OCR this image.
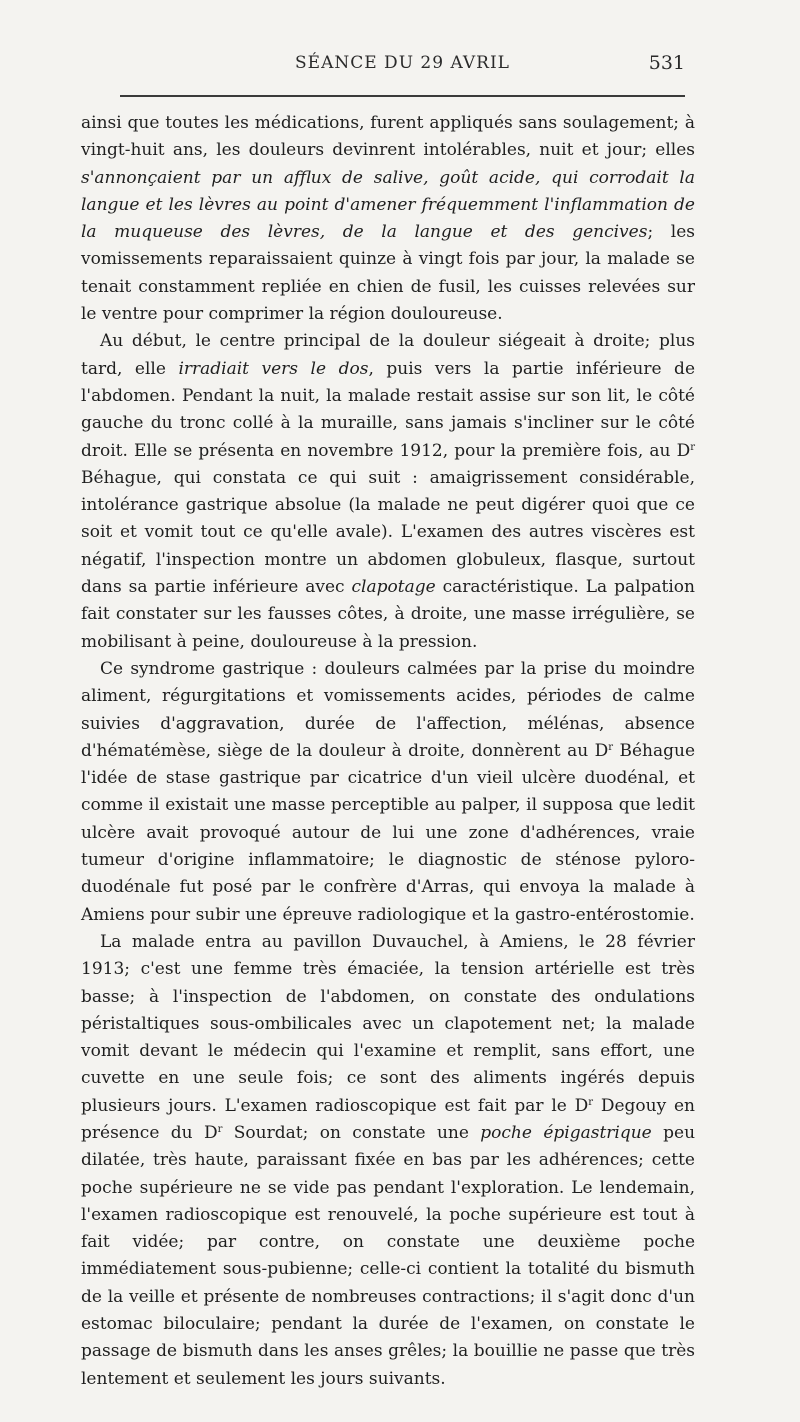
SÉANCE DU 29 AVRIL	531

ainsi que toutes les médications, furent appliqués sans soulagement; à vingt-huit ans, les douleurs devinrent intolérables, nuit et jour; elles s'annonçaient par un afflux de salive, goût acide, qui corrodait la langue et les lèvres au point d'amener fréquemment l'inflammation de la muqueuse des lèvres, de la langue et des gencives; les vomissements reparaissaient quinze à vingt fois par jour, la malade se tenait constamment repliée en chien de fusil, les cuisses relevées sur le ventre pour comprimer la région douloureuse.

Au début, le centre principal de la douleur siégeait à droite; plus tard, elle irradiait vers le dos, puis vers la partie inférieure de l'abdomen. Pendant la nuit, la malade restait assise sur son lit, le côté gauche du tronc collé à la muraille, sans jamais s'incliner sur le côté droit. Elle se présenta en novembre 1912, pour la première fois, au $D^r$ Béhague, qui constata ce qui suit : amaigrissement considérable, intolérance gastrique absolue (la malade ne peut digérer quoi que ce soit et vomit tout ce qu'elle avale). L'examen des autres viscères est négatif, l'inspection montre un abdomen globuleux, flasque, surtout dans sa partie inférieure avec clapotage caractéristique. La palpation fait constater sur les fausses côtes, à droite, une masse irrégulière, se mobilisant à peine, douloureuse à la pression.

Ce syndrome gastrique : douleurs calmées par la prise du moindre aliment, régurgitations et vomissements acides, périodes de calme suivies d'aggravation, durée de l'affection, mélénas, absence d'hématémèse, siège de la douleur à droite, donnèrent au $D^r$ Béhague l'idée de stase gastrique par cicatrice d'un vieil ulcère duodénal, et comme il existait une masse perceptible au palper, il supposa que ledit ulcère avait provoqué autour de lui une zone d'adhérences, vraie tumeur d'origine inflammatoire; le diagnostic de sténose pyloro-duodénale fut posé par le confrère d'Arras, qui envoya la malade à Amiens pour subir une épreuve radiologique et la gastro-entérostomie.

La malade entra au pavillon Duvauchel, à Amiens, le 28 février 1913; c'est une femme très émaciée, la tension artérielle est très basse; à l'inspection de l'abdomen, on constate des ondulations péristaltiques sous-ombilicales avec un clapotement net; la malade vomit devant le médecin qui l'examine et remplit, sans effort, une cuvette en une seule fois; ce sont des aliments ingérés depuis plusieurs jours. L'examen radioscopique est fait par le $D^r$ Degouy en présence du $D^r$ Sourdat; on constate une poche épigastrique peu dilatée, très haute, paraissant fixée en bas par les adhérences; cette poche supérieure ne se vide pas pendant l'exploration. Le lendemain, l'examen radioscopique est renouvelé, la poche supérieure est tout à fait vidée; par contre, on constate une deuxième poche immédiatement sous-pubienne; celle-ci contient la totalité du bismuth de la veille et présente de nombreuses contractions; il s'agit donc d'un estomac biloculaire; pendant la durée de l'examen, on constate le passage de bismuth dans les anses grêles; la bouillie ne passe que très lentement et seulement les jours suivants.
